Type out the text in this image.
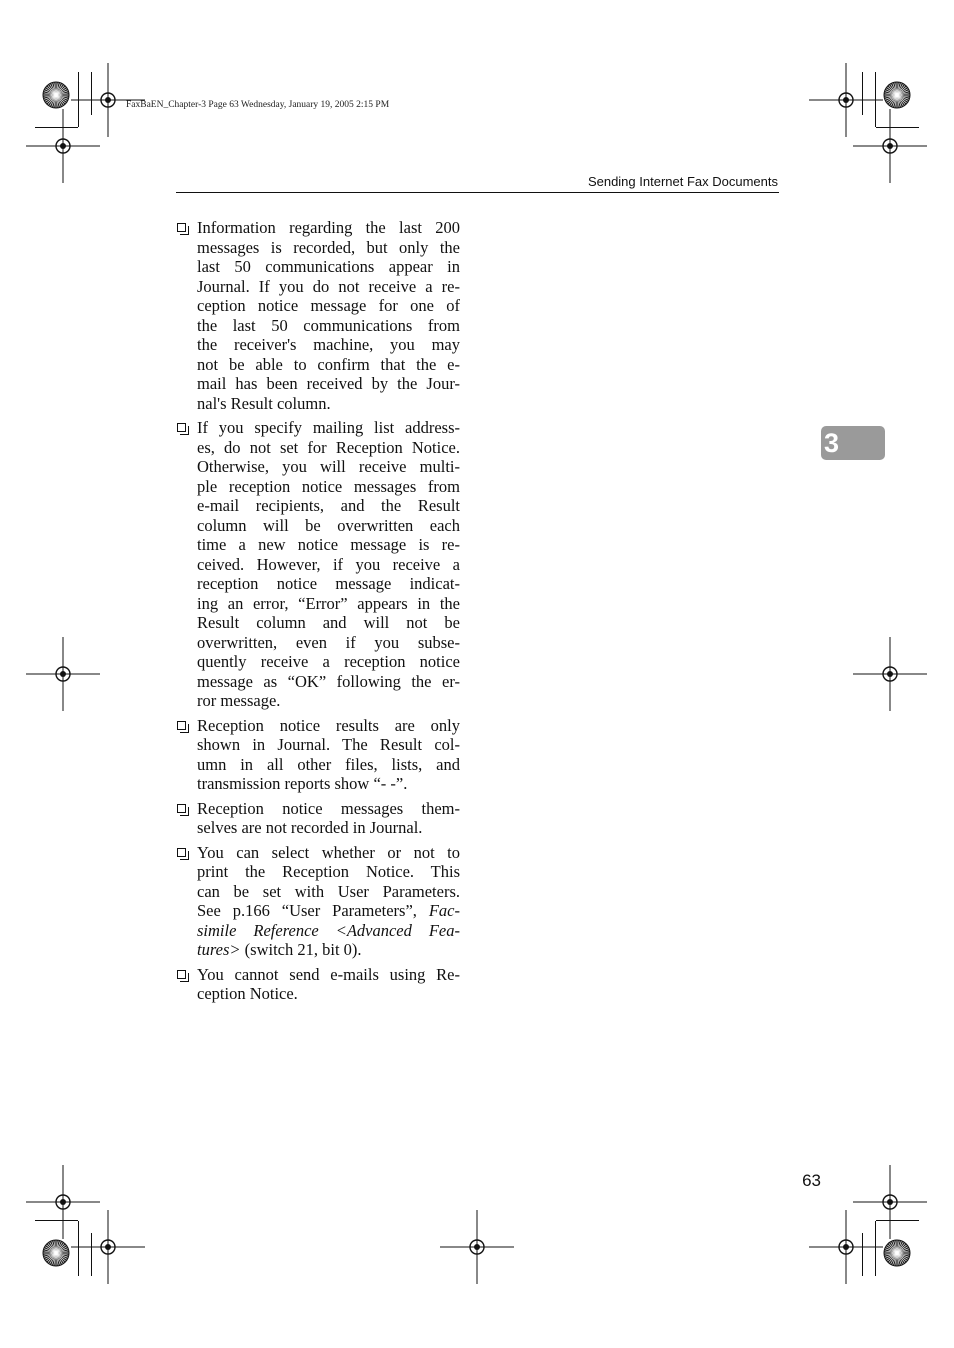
FaxBaEN_Chapter-3 Page 63 Wednesday, January 19, 2005 2:15 PM
Sending Internet Fax Documents
3
Information regarding the last 200
messages is recorded, but only the
last 50 communications appear in
Journal. If you do not receive a re-
ception notice message for one of
the last 50 communications from
the receiver's machine, you may
not be able to confirm that the e-
mail has been received by the Jour-
nal's Result column.
If you specify mailing list address-
es, do not set for Reception Notice.
Otherwise, you will receive multi-
ple reception notice messages from
e-mail recipients, and the Result
column will be overwritten each
time a new notice message is re-
ceived. However, if you receive a
reception notice message indicat-
ing an error, “Error” appears in the
Result column and will not be
overwritten, even if you subse-
quently receive a reception notice
message as “OK” following the er-
ror message.
Reception notice results are only
shown in Journal. The Result col-
umn in all other files, lists, and
transmission reports show “- -”.
Reception notice messages them-
selves are not recorded in Journal.
You can select whether or not to
print the Reception Notice. This
can be set with User Parameters.
See p.166 “User Parameters”, Fac-
simile Reference <Advanced Fea-
tures> (switch 21, bit 0).
You cannot send e-mails using Re-
ception Notice.
63
